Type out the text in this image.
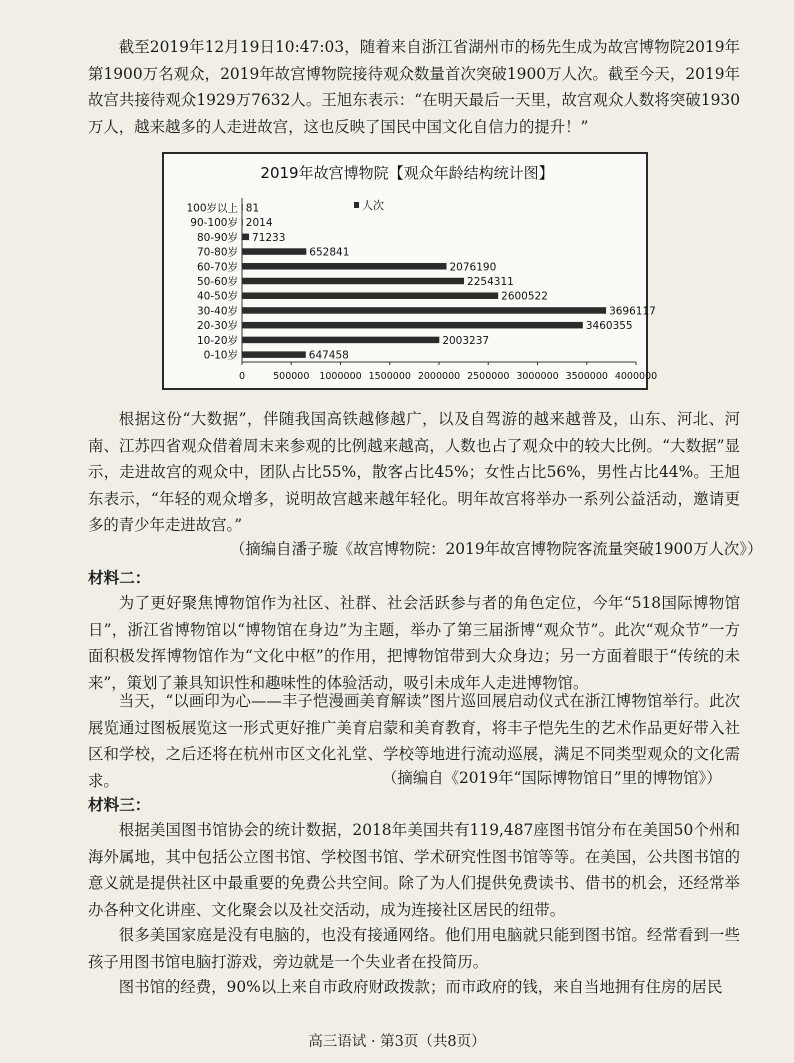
截至2019年12月19日10:47:03，随着来自浙江省湖州市的杨先生成为故宫博物院2019年第1900万名观众，2019年故宫博物院接待观众数量首次突破1900万人次。截至今天，2019年故宫共接待观众1929万7632人。王旭东表示：“在明天最后一天里，故宫观众人数将突破1930万人，越来越多的人走进故宫，这也反映了国民中国文化自信力的提升！”

2019年故宫博物院【观众年龄结构统计图】
人次
0-10岁	647458
10-20岁	2003237
20-30岁	3460355
30-40岁	3696117
40-50岁	2600522
50-60岁	2254311
60-70岁	2076190
70-80岁	652841
80-90岁 71233
90-100岁 2014
100岁以上 81
0	500000 1000000 1500000 2000000 2500000 3000000 3500000 4000000

根据这份“大数据”，伴随我国高铁越修越广，以及自驾游的越来越普及，山东、河北、河南、江苏四省观众借着周末来参观的比例越来越高，人数也占了观众中的较大比例。“大数据”显示，走进故宫的观众中，团队占比55%，散客占比45%；女性占比56%，男性占比44%。王旭东表示，“年轻的观众增多，说明故宫越来越年轻化。明年故宫将举办一系列公益活动，邀请更多的青少年走进故宫。”

（摘编自潘子璇《故宫博物院：2019年故宫博物院客流量突破1900万人次》）

材料二：

为了更好聚焦博物馆作为社区、社群、社会活跃参与者的角色定位，今年“518国际博物馆日”，浙江省博物馆以“博物馆在身边”为主题，举办了第三届浙博“观众节”。此次“观众节”一方面积极发挥博物馆作为“文化中枢”的作用，把博物馆带到大众身边；另一方面着眼于“传统的未来”，策划了兼具知识性和趣味性的体验活动，吸引未成年人走进博物馆。

当天，“以画印为心——丰子恺漫画美育解读”图片巡回展启动仪式在浙江博物馆举行。此次展览通过图板展览这一形式更好推广美育启蒙和美育教育，将丰子恺先生的艺术作品更好带入社区和学校，之后还将在杭州市区文化礼堂、学校等地进行流动巡展，满足不同类型观众的文化需求。	（摘编自《2019年“国际博物馆日”里的博物馆》）

材料三：

根据美国图书馆协会的统计数据，2018年美国共有119,487座图书馆分布在美国50个州和海外属地，其中包括公立图书馆、学校图书馆、学术研究性图书馆等等。在美国，公共图书馆的意义就是提供社区中最重要的免费公共空间。除了为人们提供免费读书、借书的机会，还经常举办各种文化讲座、文化聚会以及社交活动，成为连接社区居民的纽带。

很多美国家庭是没有电脑的，也没有接通网络。他们用电脑就只能到图书馆。经常看到一些孩子用图书馆电脑打游戏，旁边就是一个失业者在投简历。

图书馆的经费，90%以上来自市政府财政拨款；而市政府的钱，来自当地拥有住房的居民

高三语试 · 第3页（共8页）
